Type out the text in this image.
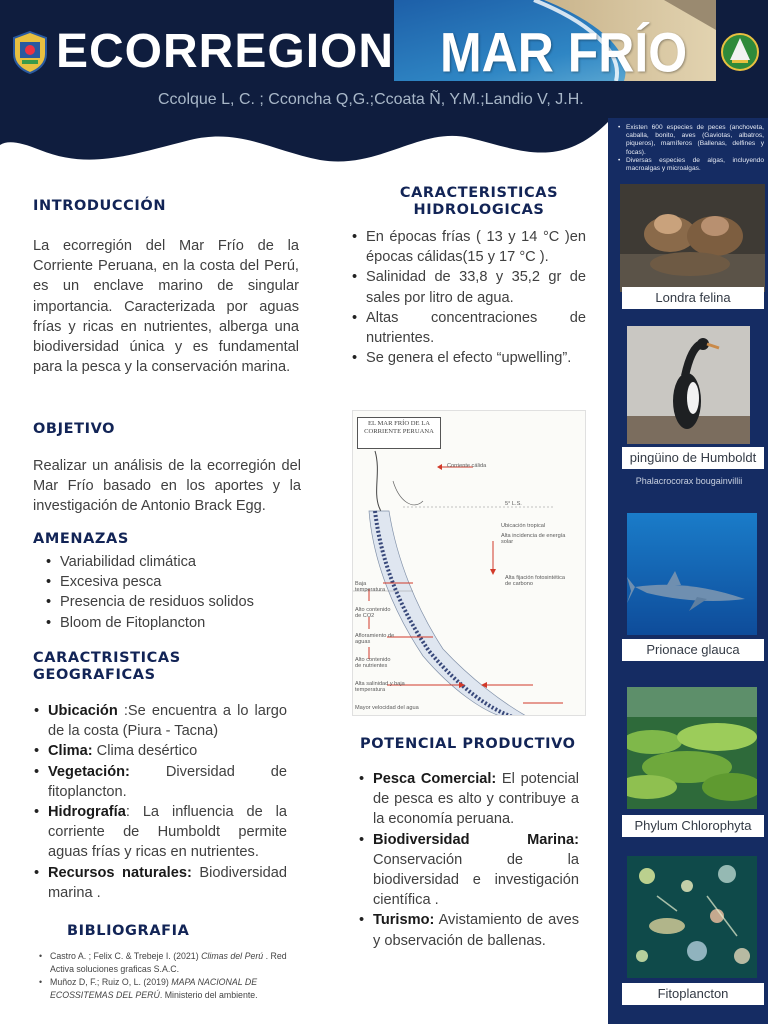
ECORREGION MAR FRÍO
Ccolque L, C. ; Cconcha Q,G.;Ccoata Ñ, Y.M.;Landio V, J.H.
• Existen 600 especies de peces (anchoveta, caballa, bonito, aves (Gaviotas, albatros, piqueros), mamíferos (Ballenas, delfines y focas).
• Diversas especies de algas, incluyendo macroalgas y microalgas.
Londra felina
pingüino de Humboldt
Phalacrocorax bougainvillii
Prionace glauca
Phylum Chlorophyta
Fitoplancton
INTRODUCCIÓN
La ecorregión del Mar Frío de la Corriente Peruana, en la costa del Perú, es un enclave marino de singular importancia. Caracterizada por aguas frías y ricas en nutrientes, alberga una biodiversidad única y es fundamental para la pesca y la conservación marina.
OBJETIVO
Realizar un análisis de la ecorregión del Mar Frío basado en los aportes y la investigación de Antonio Brack Egg.
AMENAZAS
• Variabilidad climática
• Excesiva pesca
• Presencia de residuos solidos
• Bloom de Fitoplancton
CARACTRISTICAS
GEOGRAFICAS
• Ubicación :Se encuentra a lo largo de la costa (Piura - Tacna)
• Clima: Clima desértico
• Vegetación: Diversidad de fitoplancton.
• Hidrografía: La influencia de la corriente de Humboldt permite aguas frías y ricas en nutrientes.
• Recursos naturales: Biodiversidad marina .
BIBLIOGRAFIA
• Castro A. ; Felix C. & Trebeje I. (2021) Climas del Perú . Red Activa soluciones graficas S.A.C.
• Muñoz D, F.; Ruiz O, L. (2019) MAPA NACIONAL DE ECOSSITEMAS DEL PERÚ. Ministerio del ambiente.
CARACTERISTICAS
HIDROLOGICAS
• En épocas frías ( 13 y 14 °C )en épocas cálidas(15 y 17 °C ).
• Salinidad de 33,8 y 35,2 gr de sales por litro de agua.
• Altas concentraciones de nutrientes.
• Se genera el efecto “upwelling”.
EL MAR FRÍO DE LA CORRIENTE PERUANA
Corriente cálida
5° L.S.
Ubicación tropical
Alta incidencia de energía solar
Alta fijación fotosintética de carbono
Baja temperatura
Alto contenido de CO2
Afloramiento de aguas
Alto contenido de nutrientes
Alta salinidad y baja temperatura
Mayor velocidad del agua
POTENCIAL PRODUCTIVO
• Pesca Comercial: El potencial de pesca es alto y contribuye a la economía peruana.
• Biodiversidad Marina: Conservación de la biodiversidad e investigación científica .
• Turismo: Avistamiento de aves y observación de ballenas.
